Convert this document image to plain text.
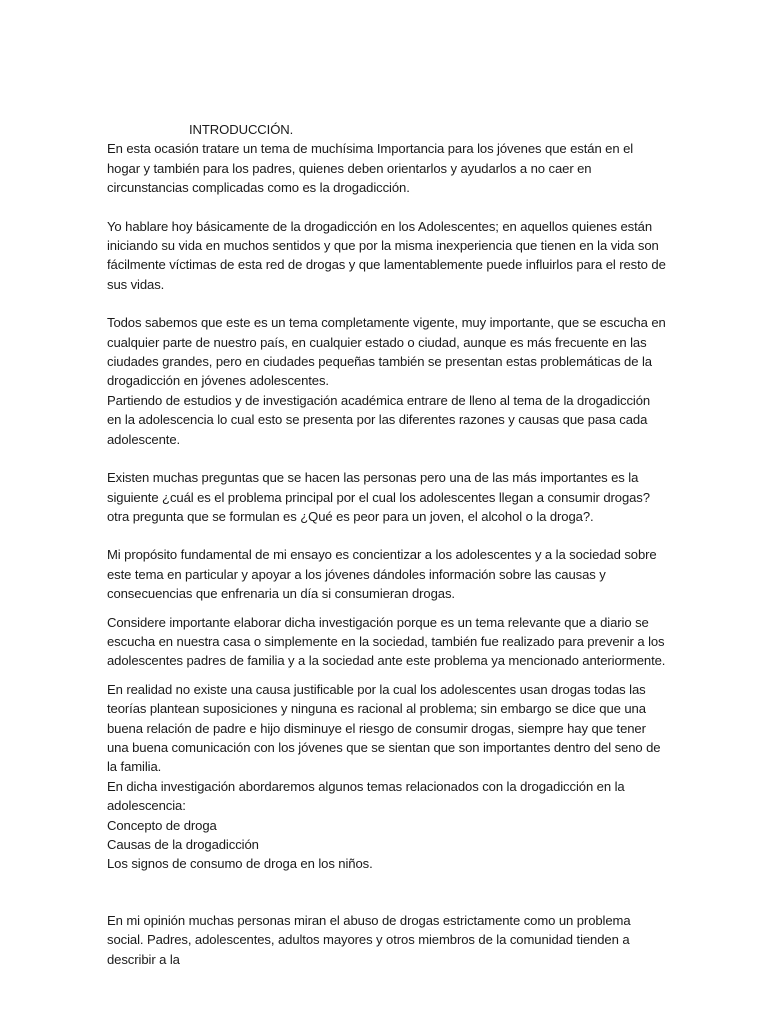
INTRODUCCIÓN.

En esta ocasión tratare un tema de muchísima Importancia para los jóvenes que están en el hogar y también para los padres, quienes deben orientarlos y ayudarlos a no caer en circunstancias complicadas como es la drogadicción.

Yo hablare hoy básicamente de la drogadicción en los Adolescentes; en aquellos quienes están iniciando su vida en muchos sentidos y que por la misma inexperiencia que tienen en la vida son fácilmente víctimas de esta red de drogas y que lamentablemente puede influirlos para el resto de sus vidas.

Todos sabemos que este es un tema completamente vigente, muy importante, que se escucha en cualquier parte de nuestro país, en cualquier estado o ciudad, aunque es más frecuente en las ciudades grandes, pero en ciudades pequeñas también se presentan estas problemáticas de la drogadicción en jóvenes adolescentes.

Partiendo de estudios y de investigación académica entrare de lleno al tema de la drogadicción en la adolescencia lo cual esto se presenta por las diferentes razones y causas que pasa cada adolescente.

Existen muchas preguntas que se hacen las personas pero una de las más importantes es la siguiente ¿cuál es el problema principal por el cual los adolescentes llegan a consumir drogas? otra pregunta que se formulan es ¿Qué es peor para un joven, el alcohol o la droga?.

Mi propósito fundamental de mi ensayo es concientizar a los adolescentes y a la sociedad sobre este tema en particular y apoyar a los jóvenes dándoles información sobre las causas y consecuencias que enfrenaria un día si consumieran drogas.

Considere importante elaborar dicha investigación porque es un tema relevante que a diario se escucha en nuestra casa o simplemente en la sociedad, también fue realizado para prevenir a los adolescentes padres de familia y a la sociedad ante este problema ya mencionado anteriormente.

En realidad no existe una causa justificable por la cual los adolescentes usan drogas todas las teorías plantean suposiciones y ninguna es racional al problema; sin embargo se dice que una buena relación de padre e hijo disminuye el riesgo de consumir drogas, siempre hay que tener una buena comunicación con los jóvenes que se sientan que son importantes dentro del seno de la familia.

En dicha investigación abordaremos algunos temas relacionados con la drogadicción en la adolescencia:

Concepto de droga
Causas de la drogadicción
Los signos de consumo de droga en los niños.

En mi opinión muchas personas miran el abuso de drogas estrictamente como un problema social. Padres, adolescentes, adultos mayores y otros miembros de la comunidad tienden a describir a la
